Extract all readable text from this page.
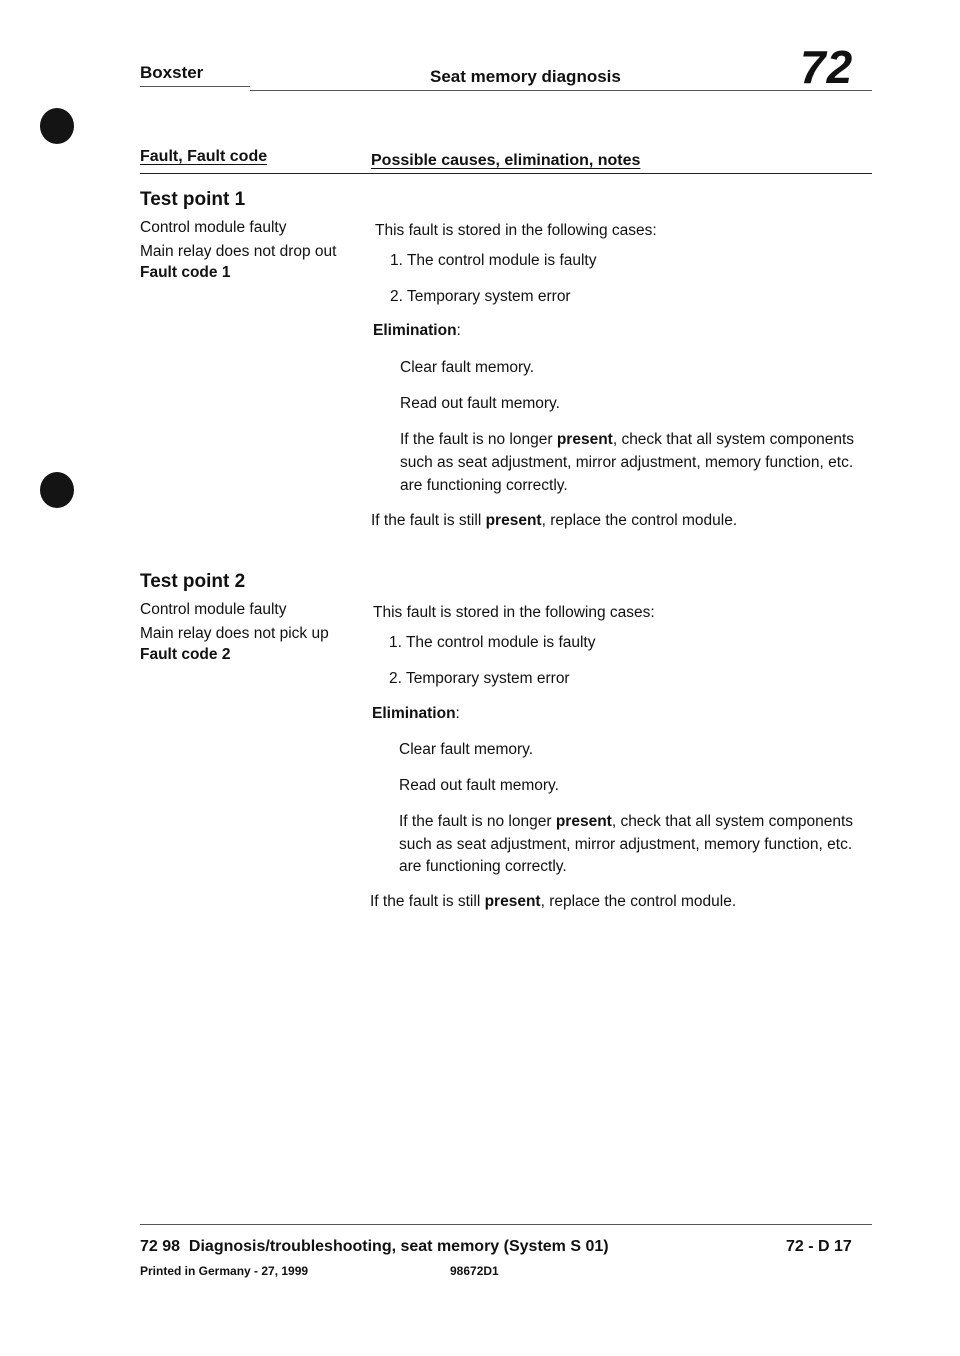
Boxster	Seat memory diagnosis	72
Fault, Fault code	Possible causes, elimination, notes
Test point 1
Control module faulty
Main relay does not drop out
Fault code 1
This fault is stored in the following cases:
1. The control module is faulty
2. Temporary system error
Elimination:
Clear fault memory.
Read out fault memory.
If the fault is no longer present, check that all system components
such as seat adjustment, mirror adjustment, memory function, etc.
are functioning correctly.
If the fault is still present, replace the control module.
Test point 2
Control module faulty
Main relay does not pick up
Fault code 2
This fault is stored in the following cases:
1. The control module is faulty
2. Temporary system error
Elimination:
Clear fault memory.
Read out fault memory.
If the fault is no longer present, check that all system components
such as seat adjustment, mirror adjustment, memory function, etc.
are functioning correctly.
If the fault is still present, replace the control module.
72 98  Diagnosis/troubleshooting, seat memory (System S 01)	72 - D 17
Printed in Germany - 27, 1999	98672D1
